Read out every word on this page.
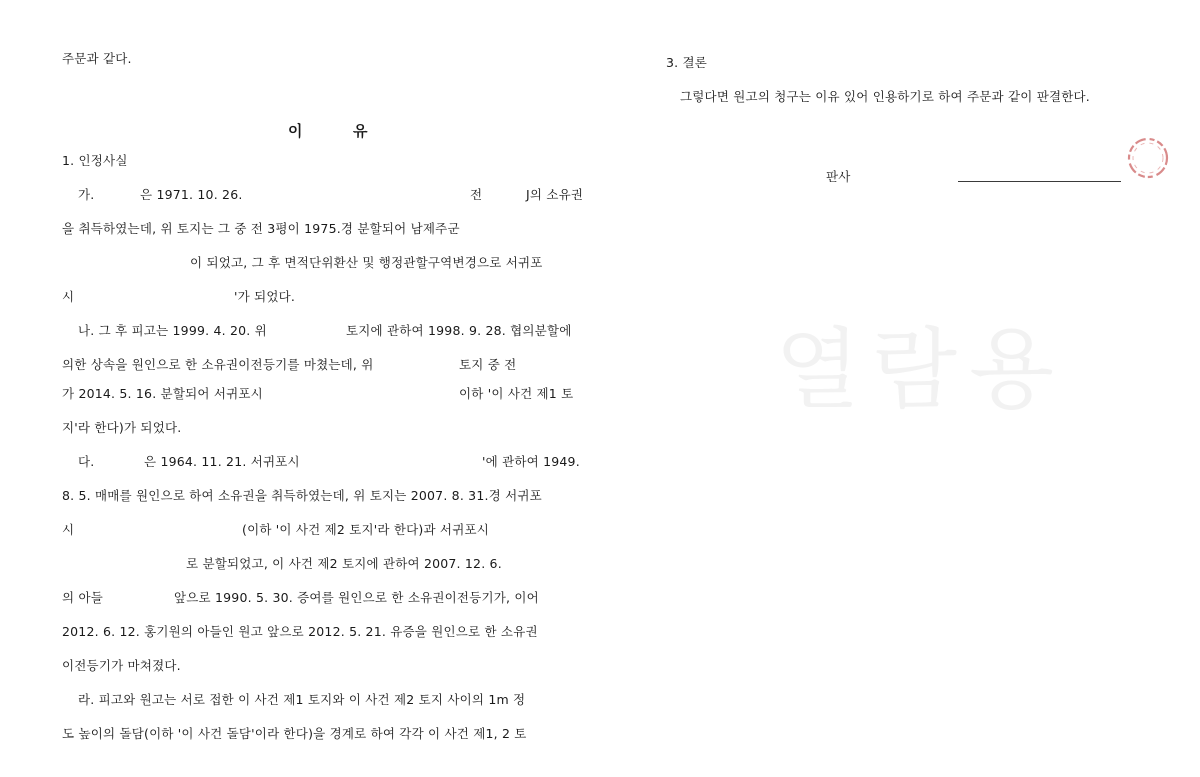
주문과 같다.
이	유
1. 인정사실
가.	은 1971. 10. 26.	전	J의 소유권
을 취득하였는데, 위 토지는 그 중 전 3평이 1975.경 분할되어 남제주군
이 되었고, 그 후 면적단위환산 및 행정관할구역변경으로 서귀포
시	'가 되었다.
나. 그 후 피고는 1999. 4. 20. 위	토지에 관하여 1998. 9. 28. 협의분할에
의한 상속을 원인으로 한 소유권이전등기를 마쳤는데, 위	토지 중 전
가 2014. 5. 16. 분할되어 서귀포시	이하 '이 사건 제1 토
지'라 한다)가 되었다.
다.	은 1964. 11. 21. 서귀포시	'에 관하여 1949.
8. 5. 매매를 원인으로 하여 소유권을 취득하였는데, 위 토지는 2007. 8. 31.경 서귀포
시	(이하 '이 사건 제2 토지'라 한다)과 서귀포시
로 분할되었고, 이 사건 제2 토지에 관하여 2007. 12. 6.
의 아들	앞으로 1990. 5. 30. 증여를 원인으로 한 소유권이전등기가, 이어
2012. 6. 12. 홍기원의 아들인 원고 앞으로 2012. 5. 21. 유증을 원인으로 한 소유권
이전등기가 마쳐졌다.
라. 피고와 원고는 서로 접한 이 사건 제1 토지와 이 사건 제2 토지 사이의 1m 정
도 높이의 돌담(이하 '이 사건 돌담'이라 한다)을 경계로 하여 각각 이 사건 제1, 2 토
열람용
3. 결론
그렇다면 원고의 청구는 이유 있어 인용하기로 하여 주문과 같이 판결한다.
판사
